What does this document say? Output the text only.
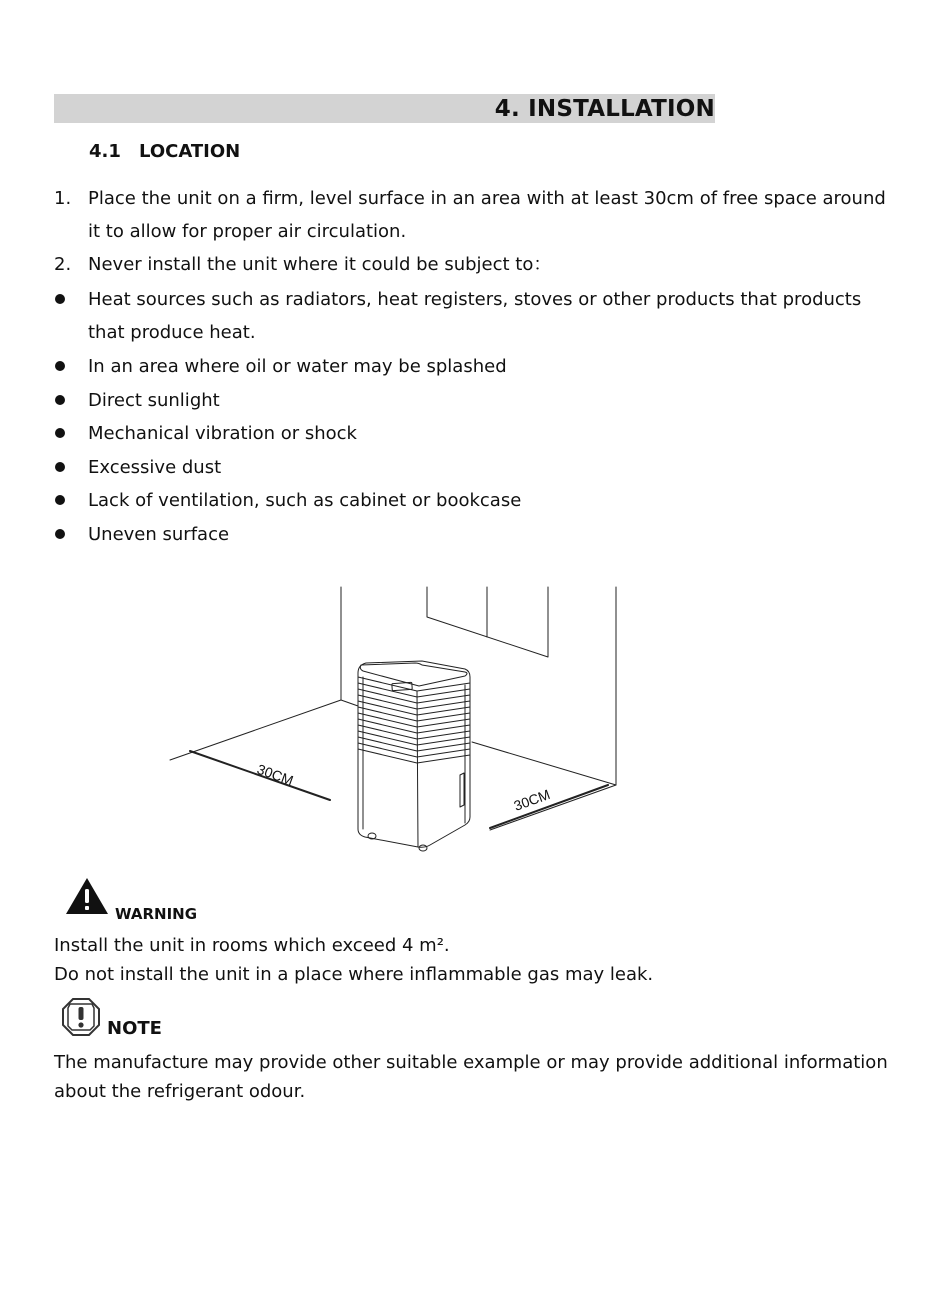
4. INSTALLATION
4.1 LOCATION
1. Place the unit on a firm, level surface in an area with at least 30cm of free space around it to allow for proper air circulation.
2. Never install the unit where it could be subject to：
Heat sources such as radiators, heat registers, stoves or other products that products that produce heat.
In an area where oil or water may be splashed
Direct sunlight
Mechanical vibration or shock
Excessive dust
Lack of ventilation, such as cabinet or bookcase
Uneven surface
30CM
30CM
WARNING
Install the unit in rooms which exceed 4 m².
Do not install the unit in a place where inflammable gas may leak.
NOTE
The manufacture may provide other suitable example or may provide additional information
about the refrigerant odour.
